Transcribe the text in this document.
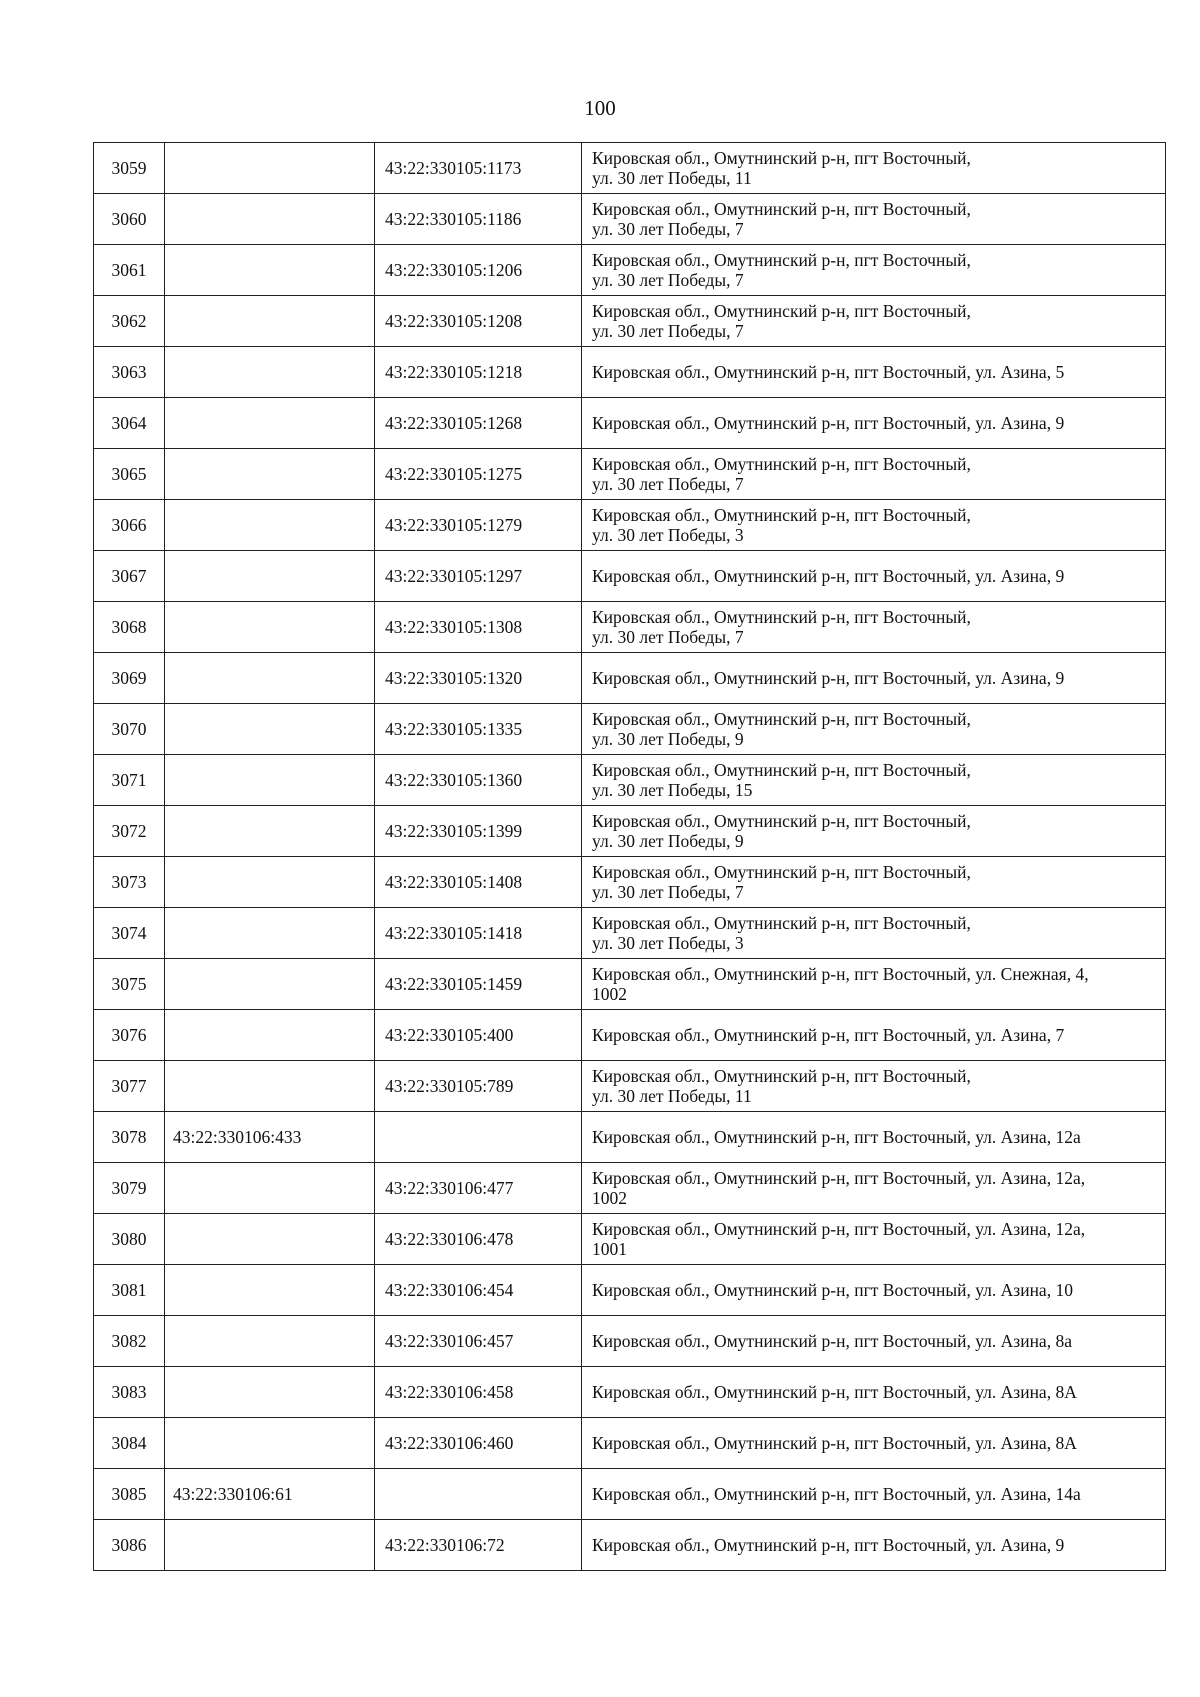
100
3059		43:22:330105:1173	Кировская обл., Омутнинский р-н, пгт Восточный,
ул. 30 лет Победы, 11

3060		43:22:330105:1186	Кировская обл., Омутнинский р-н, пгт Восточный,
ул. 30 лет Победы, 7

3061		43:22:330105:1206	Кировская обл., Омутнинский р-н, пгт Восточный,
ул. 30 лет Победы, 7

3062		43:22:330105:1208	Кировская обл., Омутнинский р-н, пгт Восточный,
ул. 30 лет Победы, 7

3063		43:22:330105:1218	Кировская обл., Омутнинский р-н, пгт Восточный, ул. Азина, 5

3064		43:22:330105:1268	Кировская обл., Омутнинский р-н, пгт Восточный, ул. Азина, 9

3065		43:22:330105:1275	Кировская обл., Омутнинский р-н, пгт Восточный,
ул. 30 лет Победы, 7

3066		43:22:330105:1279	Кировская обл., Омутнинский р-н, пгт Восточный,
ул. 30 лет Победы, 3

3067		43:22:330105:1297	Кировская обл., Омутнинский р-н, пгт Восточный, ул. Азина, 9

3068		43:22:330105:1308	Кировская обл., Омутнинский р-н, пгт Восточный,
ул. 30 лет Победы, 7

3069		43:22:330105:1320	Кировская обл., Омутнинский р-н, пгт Восточный, ул. Азина, 9

3070		43:22:330105:1335	Кировская обл., Омутнинский р-н, пгт Восточный,
ул. 30 лет Победы, 9

3071		43:22:330105:1360	Кировская обл., Омутнинский р-н, пгт Восточный,
ул. 30 лет Победы, 15

3072		43:22:330105:1399	Кировская обл., Омутнинский р-н, пгт Восточный,
ул. 30 лет Победы, 9

3073		43:22:330105:1408	Кировская обл., Омутнинский р-н, пгт Восточный,
ул. 30 лет Победы, 7

3074		43:22:330105:1418	Кировская обл., Омутнинский р-н, пгт Восточный,
ул. 30 лет Победы, 3

3075		43:22:330105:1459	Кировская обл., Омутнинский р-н, пгт Восточный, ул. Снежная, 4,
1002

3076		43:22:330105:400	Кировская обл., Омутнинский р-н, пгт Восточный, ул. Азина, 7

3077		43:22:330105:789	Кировская обл., Омутнинский р-н, пгт Восточный,
ул. 30 лет Победы, 11

3078	43:22:330106:433		Кировская обл., Омутнинский р-н, пгт Восточный, ул. Азина, 12а

3079		43:22:330106:477	Кировская обл., Омутнинский р-н, пгт Восточный, ул. Азина, 12а,
1002

3080		43:22:330106:478	Кировская обл., Омутнинский р-н, пгт Восточный, ул. Азина, 12а,
1001

3081		43:22:330106:454	Кировская обл., Омутнинский р-н, пгт Восточный, ул. Азина, 10

3082		43:22:330106:457	Кировская обл., Омутнинский р-н, пгт Восточный, ул. Азина, 8а

3083		43:22:330106:458	Кировская обл., Омутнинский р-н, пгт Восточный, ул. Азина, 8А

3084		43:22:330106:460	Кировская обл., Омутнинский р-н, пгт Восточный, ул. Азина, 8А

3085	43:22:330106:61		Кировская обл., Омутнинский р-н, пгт Восточный, ул. Азина, 14а

3086		43:22:330106:72	Кировская обл., Омутнинский р-н, пгт Восточный, ул. Азина, 9
